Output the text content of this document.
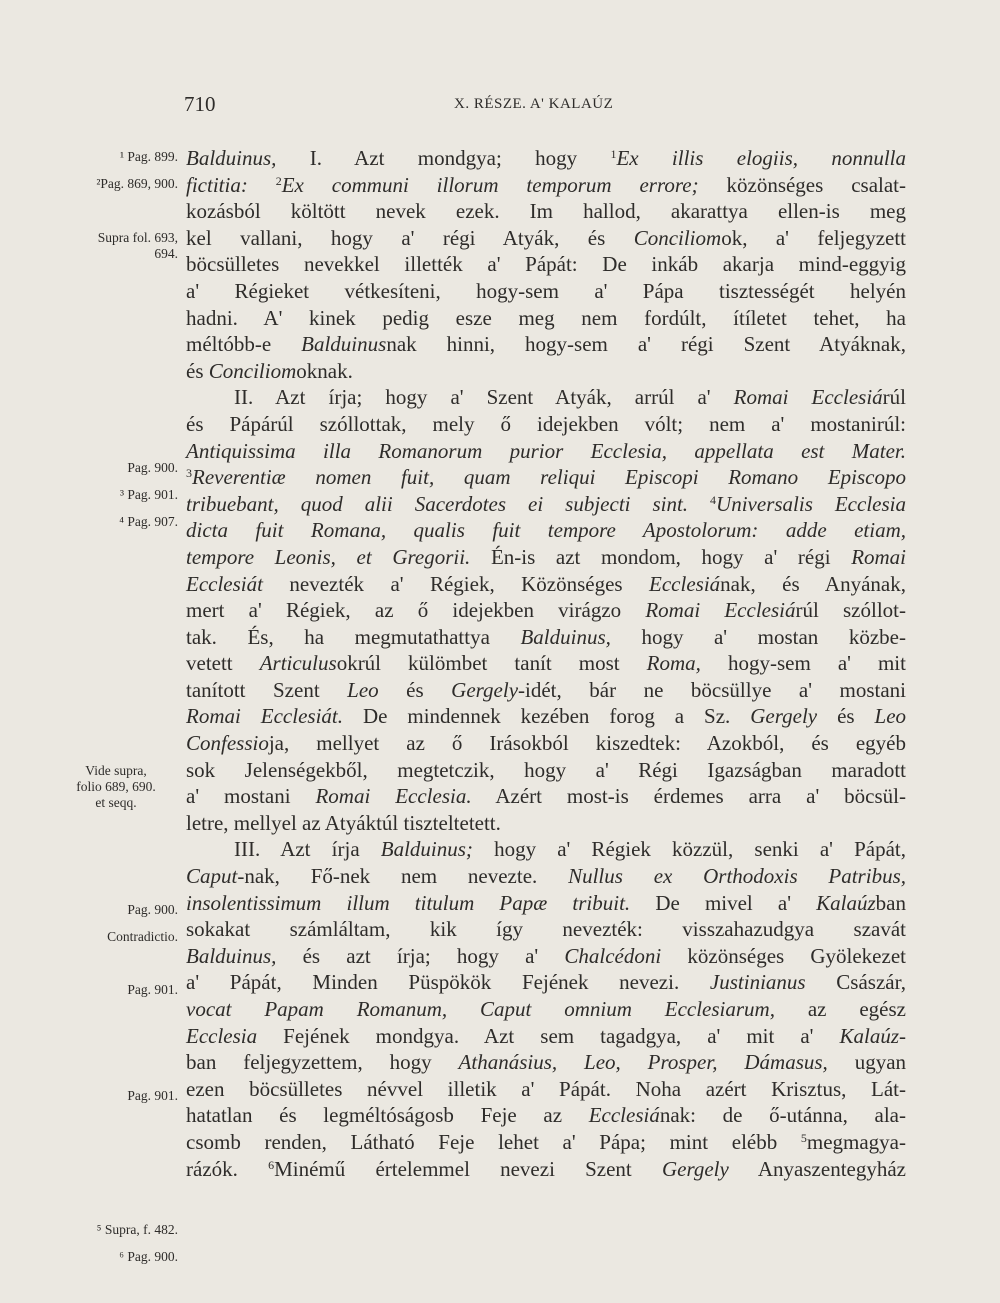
710	X. RÉSZE. A' KALAÚZ
¹ Pag. 899.
²Pag. 869, 900.
Supra fol. 693,
694.
Pag. 900.
³ Pag. 901.
⁴ Pag. 907.
Vide supra,
folio 689, 690.
et seqq.
Pag. 900.
Contradictio.
Pag. 901.
Pag. 901.
⁵ Supra, f. 482.
⁶ Pag. 900.
Balduinus, I. Azt mondgya; hogy $^1$Ex illis elogiis, nonnulla
fictitia: $^2$Ex communi illorum temporum errore; közönséges csalat-
kozásból költött nevek ezek. Im hallod, akarattya ellen-is meg
kel vallani, hogy a' régi Atyák, és Conciliomok, a' feljegyzett
böcsülletes nevekkel illették a' Pápát: De inkáb akarja mind-eggyig
a' Régieket vétkesíteni, hogy-sem a' Pápa tisztességét helyén
hadni. A' kinek pedig esze meg nem fordúlt, ítíletet tehet, ha
méltóbb-e Balduinusnak hinni, hogy-sem a' régi Szent Atyáknak,
és Conciliomoknak.
II. Azt írja; hogy a' Szent Atyák, arrúl a' Romai Ecclesiárúl
és Pápárúl szóllottak, mely ő idejekben vólt; nem a' mostanirúl:
Antiquissima illa Romanorum purior Ecclesia, appellata est Mater.
$^3$Reverentiæ nomen fuit, quam reliqui Episcopi Romano Episcopo
tribuebant, quod alii Sacerdotes ei subjecti sint. $^4$Universalis Ecclesia
dicta fuit Romana, qualis fuit tempore Apostolorum: adde etiam,
tempore Leonis, et Gregorii. Én-is azt mondom, hogy a' régi Romai
Ecclesiát nevezték a' Régiek, Közönséges Ecclesiának, és Anyának,
mert a' Régiek, az ő idejekben virágzo Romai Ecclesiárúl szóllot-
tak. És, ha megmutathattya Balduinus, hogy a' mostan közbe-
vetett Articulusokrúl külömbet tanít most Roma, hogy-sem a' mit
tanított Szent Leo és Gergely-idét, bár ne böcsüllye a' mostani
Romai Ecclesiát. De mindennek kezében forog a Sz. Gergely és Leo
Confessioja, mellyet az ő Irásokból kiszedtek: Azokból, és egyéb
sok Jelenségekből, megtetczik, hogy a' Régi Igazságban maradott
a' mostani Romai Ecclesia. Azért most-is érdemes arra a' böcsül-
letre, mellyel az Atyáktúl tiszteltetett.
III. Azt írja Balduinus; hogy a' Régiek közzül, senki a' Pápát,
Caput-nak, Fő-nek nem nevezte. Nullus ex Orthodoxis Patribus,
insolentissimum illum titulum Papæ tribuit. De mivel a' Kalaúzban
sokakat számláltam, kik így nevezték: visszahazudgya szavát
Balduinus, és azt írja; hogy a' Chalcédoni közönséges Gyölekezet
a' Pápát, Minden Püspökök Fejének nevezi. Justinianus Császár,
vocat Papam Romanum, Caput omnium Ecclesiarum, az egész
Ecclesia Fejének mondgya. Azt sem tagadgya, a' mit a' Kalaúz-
ban feljegyzettem, hogy Athanásius, Leo, Prosper, Dámasus, ugyan
ezen böcsülletes névvel illetik a' Pápát. Noha azért Krisztus, Lát-
hatatlan és legméltóságosb Feje az Ecclesiának: de ő-utánna, ala-
csomb renden, Látható Feje lehet a' Pápa; mint elébb $^5$megmagya-
rázók. $^6$Minémű értelemmel nevezi Szent Gergely Anyaszentegyház
